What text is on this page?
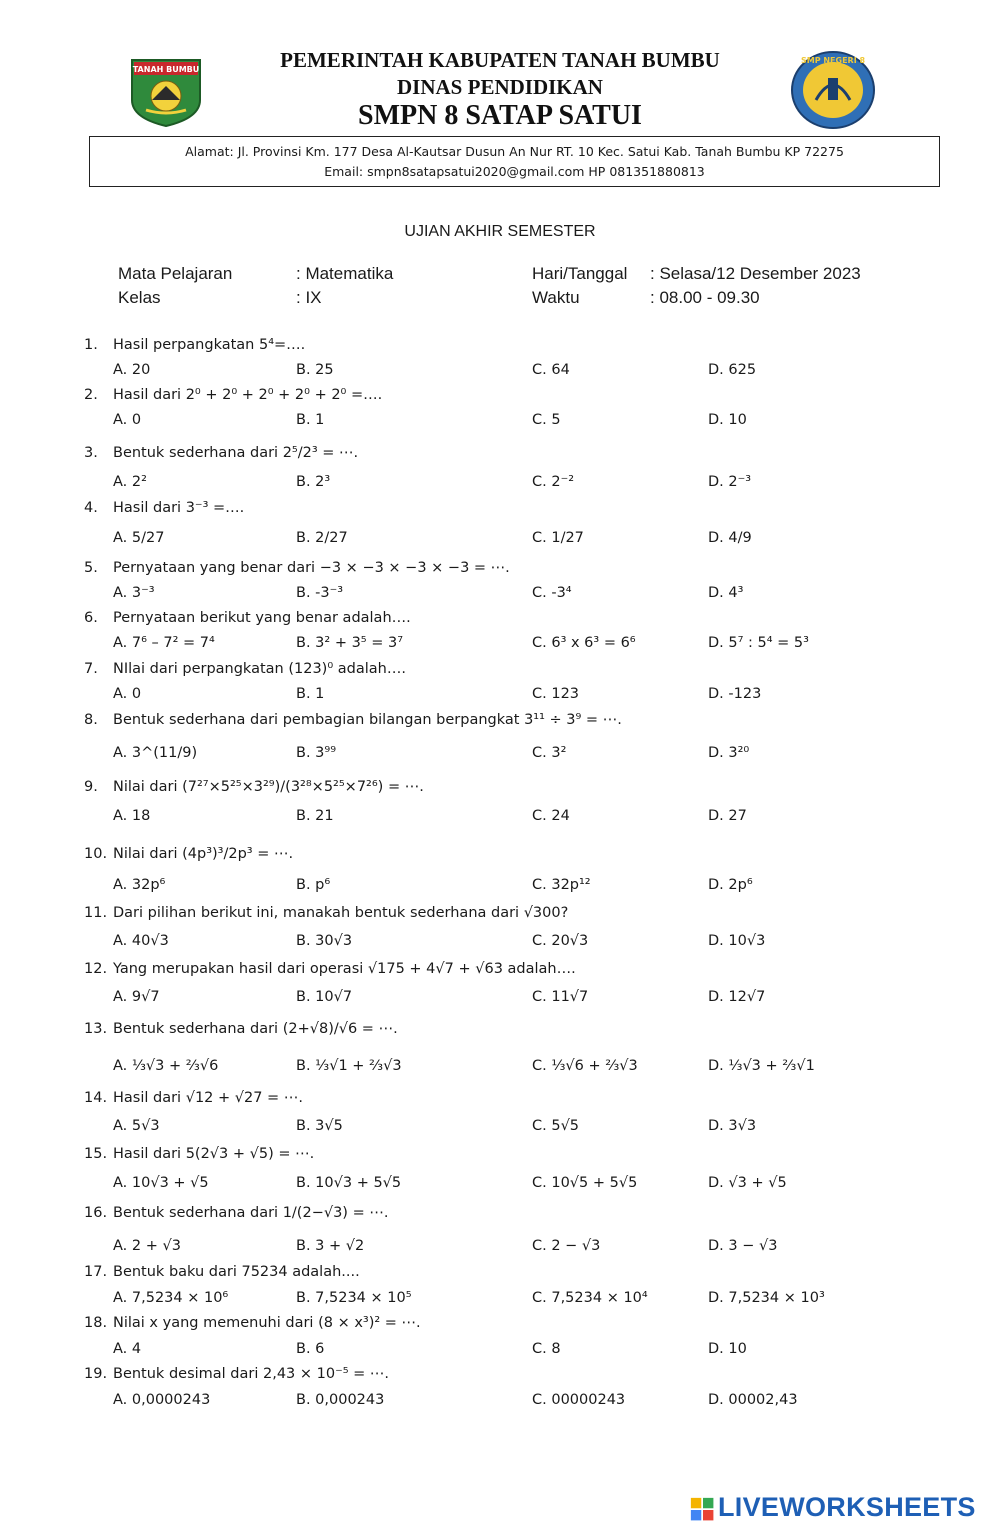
TANAH BUMBU
SMP NEGERI 8
PEMERINTAH KABUPATEN TANAH BUMBU
DINAS PENDIDIKAN
SMPN 8 SATAP SATUI
Alamat: Jl. Provinsi Km. 177 Desa Al-Kautsar Dusun An Nur RT. 10 Kec. Satui Kab. Tanah Bumbu KP 72275
Email: smpn8satapsatui2020@gmail.com HP 081351880813
UJIAN AKHIR SEMESTER
Mata Pelajaran	: Matematika	Hari/Tanggal : Selasa/12 Desember 2023
Kelas	: IX	Waktu	: 08.00 - 09.30
1. Hasil perpangkatan 5⁴=….
A. 20	B. 25	C. 64	D. 625
2. Hasil dari 2⁰ + 2⁰ + 2⁰ + 2⁰ + 2⁰ =….
A. 0	B. 1	C. 5	D. 10
3. Bentuk sederhana dari 2⁵/2³ = ⋯.
A. 2²	B. 2³	C. 2⁻²	D. 2⁻³
4. Hasil dari 3⁻³ =….
A. 5/27	B. 2/27	C. 1/27	D. 4/9
5. Pernyataan yang benar dari −3 × −3 × −3 × −3 = ⋯.
A. 3⁻³	B. -3⁻³	C. -3⁴	D. 4³
6. Pernyataan berikut yang benar adalah….
A. 7⁶ – 7² = 7⁴	B. 3² + 3⁵ = 3⁷	C. 6³ x 6³ = 6⁶	D. 5⁷ : 5⁴ = 5³
7. NIlai dari perpangkatan (123)⁰ adalah….
A. 0	B. 1	C. 123	D. -123
8. Bentuk sederhana dari pembagian bilangan berpangkat 3¹¹ ÷ 3⁹ = ⋯.
A. 3^(11/9)	B. 3⁹⁹	C. 3²	D. 3²⁰
9. Nilai dari (7²⁷×5²⁵×3²⁹)/(3²⁸×5²⁵×7²⁶) = ⋯.
A. 18	B. 21	C. 24	D. 27
10. Nilai dari (4p³)³/2p³ = ⋯.
A. 32p⁶	B. p⁶	C. 32p¹²	D. 2p⁶
11. Dari pilihan berikut ini, manakah bentuk sederhana dari √300?
A. 40√3	B. 30√3	C. 20√3	D. 10√3
12. Yang merupakan hasil dari operasi √175 + 4√7 + √63 adalah….
A. 9√7	B. 10√7	C. 11√7	D. 12√7
13. Bentuk sederhana dari (2+√8)/√6 = ⋯.
A. ⅓√3 + ⅔√6	B. ⅓√1 + ⅔√3	C. ⅓√6 + ⅔√3	D. ⅓√3 + ⅔√1
14. Hasil dari √12 + √27 = ⋯.
A. 5√3	B. 3√5	C. 5√5	D. 3√3
15. Hasil dari 5(2√3 + √5) = ⋯.
A. 10√3 + √5	B. 10√3 + 5√5	C. 10√5 + 5√5	D. √3 + √5
16. Bentuk sederhana dari 1/(2−√3) = ⋯.
A. 2 + √3	B. 3 + √2	C. 2 − √3	D. 3 − √3
17. Bentuk baku dari 75234 adalah....
A. 7,5234 × 10⁶	B. 7,5234 × 10⁵	C. 7,5234 × 10⁴	D. 7,5234 × 10³
18. Nilai x yang memenuhi dari (8 × x³)² = ⋯.
A. 4	B. 6	C. 8	D. 10
19. Bentuk desimal dari 2,43 × 10⁻⁵ = ⋯.
A. 0,0000243	B. 0,000243	C. 00000243	D. 00002,43
LIVEWORKSHEETS
